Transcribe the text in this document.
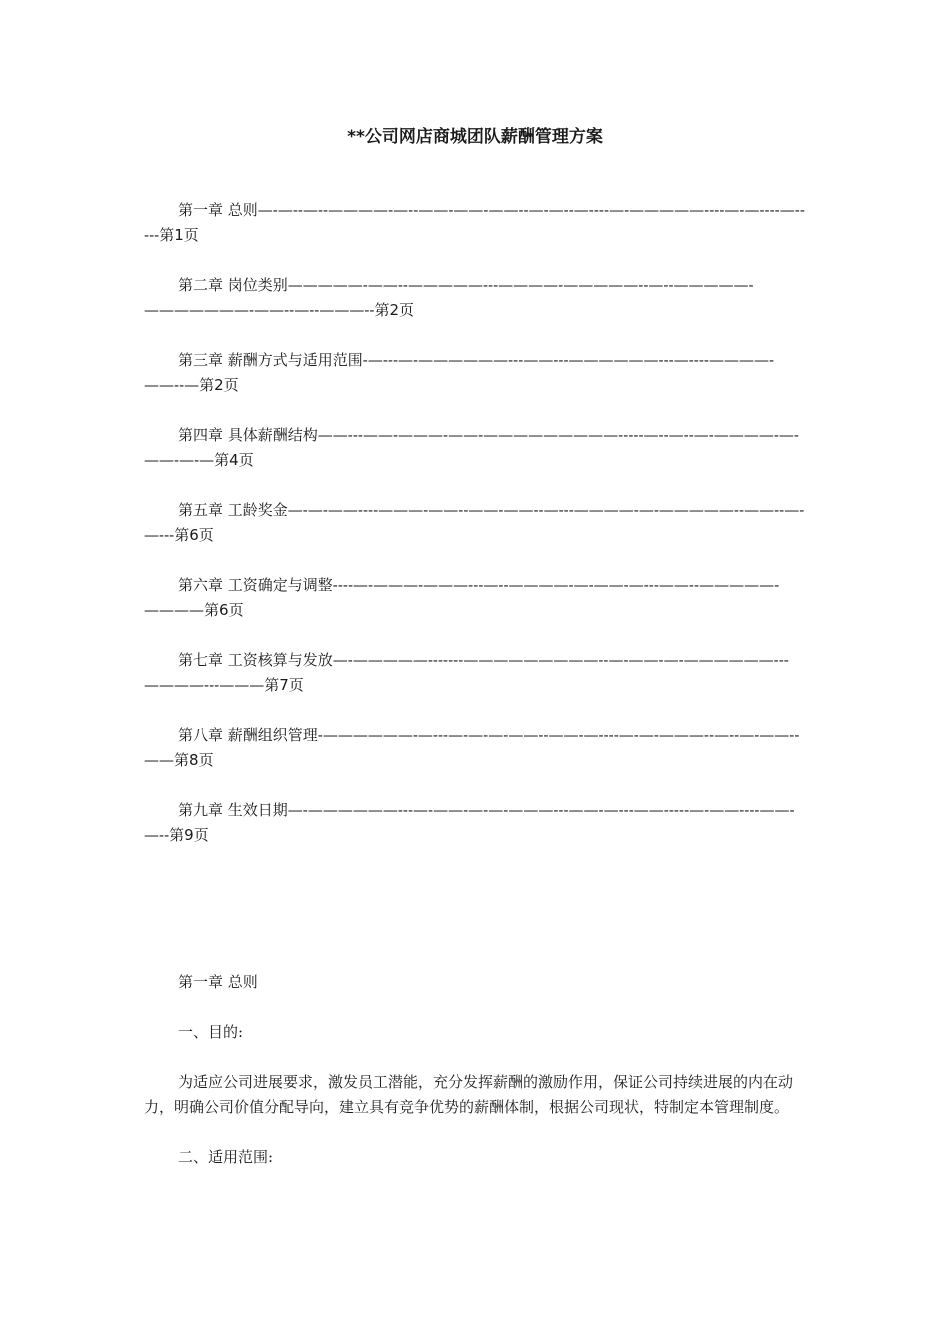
**公司网店商城团队薪酬管理方案

第一章 总则—-—--—--————-—--——-——-——--—-—--—----—-—————----—-—----—-----第1页

第二章 岗位类别—————-——--—————---————-—————--—--—————-———————-——--—--———--第2页

第三章 薪酬方式与适用范围-—---—-——————---——---——————---—----————-——--—第2页

第四章 具体薪酬结构——---——-———-——-—————————-----—--—--—-————-—-——-—-—第4页

第五章 工龄奖金—-—-——----———-——--——-——--—---————-—-—————--——--—-—---第6页

第六章 工资确定与调整----—-———-———---—--————-—-——-—---——--—————-————第6页

第七章 工资核算与发放—-—————-------—————————--—-——-—-——————---————---———第7页

第八章 薪酬组织管理-——————-—---—-—-—-——--——-—----—-—-———--—--—-——--——第8页

第九章 生效日期—-——————---—-——-—-—-———---——-—---——-----—-——----——-—--第9页

第一章 总则

一、目的:

为适应公司进展要求，激发员工潜能，充分发挥薪酬的激励作用，保证公司持续进展的内在动力，明确公司价值分配导向，建立具有竞争优势的薪酬体制，根据公司现状，特制定本管理制度。

二、适用范围:
